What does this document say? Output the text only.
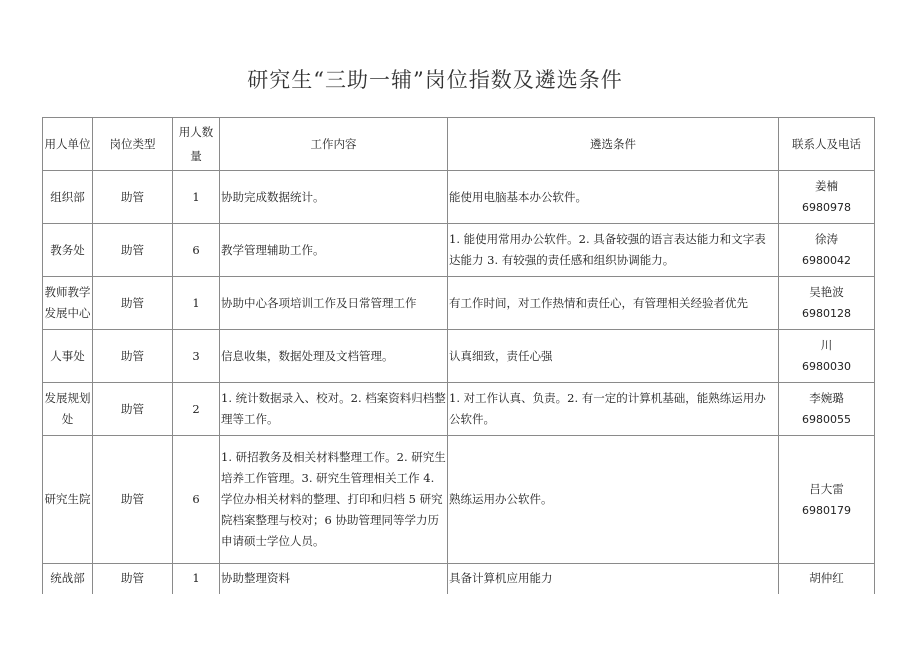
研究生“三助一辅”岗位指数及遴选条件
用人单位	岗位类型	用人数量	工作内容	遴选条件	联系人及电话
组织部	助管	1	协助完成数据统计。	能使用电脑基本办公软件。	姜楠
6980978

教务处	助管	6	教学管理辅助工作。	1. 能使用常用办公软件。2. 具备较强的语言表达能力和文字表达能力 3. 有较强的责任感和组织协调能力。	徐涛
6980042

教师教学发展中心	助管	1	协助中心各项培训工作及日常管理工作	有工作时间，对工作热情和责任心，有管理相关经验者优先	吴艳波
6980128

人事处	助管	3	信息收集，数据处理及文档管理。	认真细致，责任心强	川
6980030

发展规划处	助管	2	1. 统计数据录入、校对。2. 档案资料归档整理等工作。	1. 对工作认真、负责。2. 有一定的计算机基础，能熟练运用办公软件。	李婉璐
6980055

研究生院	助管	6	1. 研招教务及相关材料整理工作。2. 研究生培养工作管理。3. 研究生管理相关工作 4. 学位办相关材料的整理、打印和归档 5 研究院档案整理与校对；6 协助管理同等学力历申请硕士学位人员。	熟练运用办公软件。	吕大雷
6980179

统战部	助管	1	协助整理资料	具备计算机应用能力	胡仲红
